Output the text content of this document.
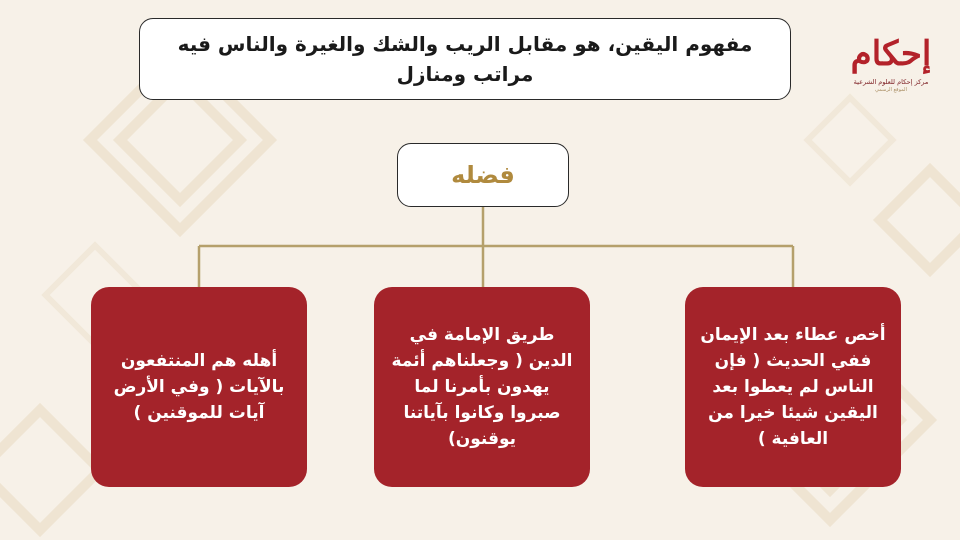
إحكام
مركز إحكام للعلوم الشرعية
الموقع الرسمي
مفهوم اليقين، هو مقابل الريب والشك والغيرة والناس فيه مراتب ومنازل
فضله
أهله هم المنتفعون بالآيات ( وفي الأرض آيات للموقنين )
طريق الإمامة في الدين ( وجعلناهم أئمة يهدون بأمرنا لما صبروا وكانوا بآياتنا يوقنون)
أخص عطاء بعد الإيمان ففي الحديث ( فإن الناس لم يعطوا بعد اليقين شيئا خيرا من العافية )
